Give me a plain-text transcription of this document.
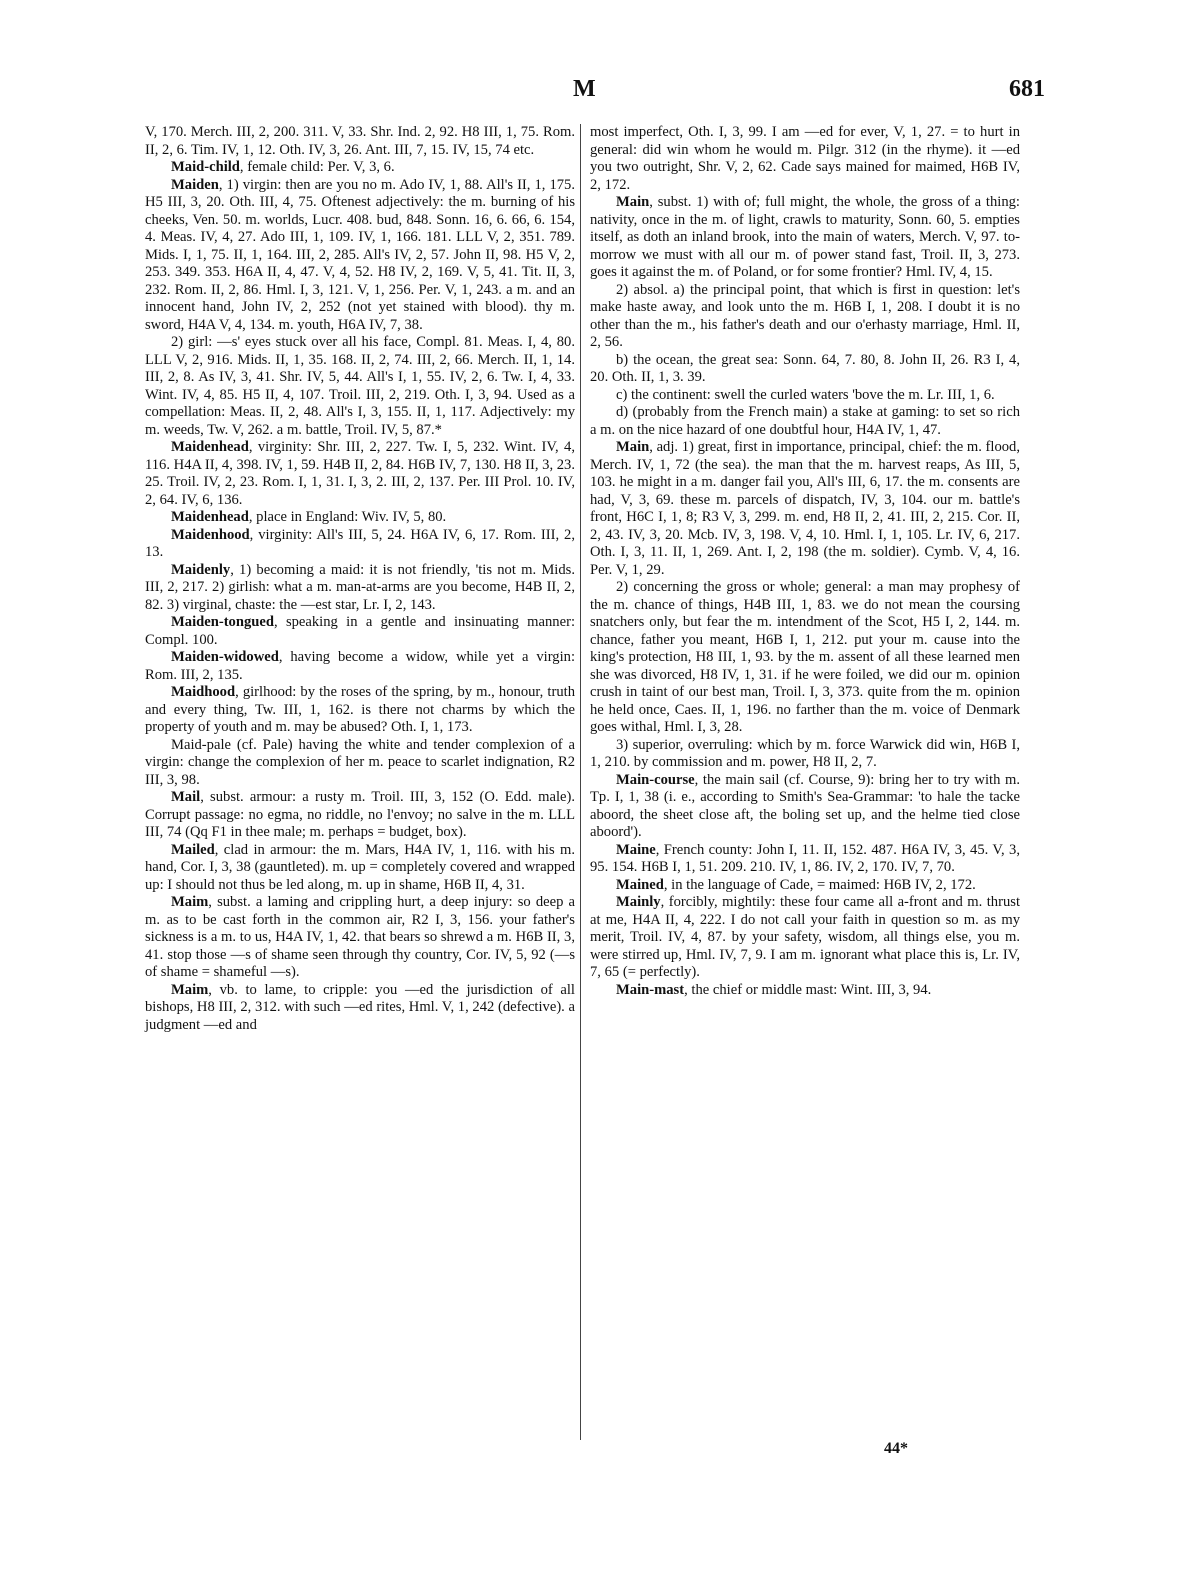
M	681

V, 170. Merch. III, 2, 200. 311. V, 33. Shr. Ind. 2, 92. H8 III, 1, 75. Rom. II, 2, 6. Tim. IV, 1, 12. Oth. IV, 3, 26. Ant. III, 7, 15. IV, 15, 74 etc.

Maid-child, female child: Per. V, 3, 6.

Maiden, 1) virgin: then are you no m. Ado IV, 1, 88. All's II, 1, 175. H5 III, 3, 20. Oth. III, 4, 75. Oftenest adjectively: the m. burning of his cheeks, Ven. 50. m. worlds, Lucr. 408. bud, 848. Sonn. 16, 6. 66, 6. 154, 4. Meas. IV, 4, 27. Ado III, 1, 109. IV, 1, 166. 181. LLL V, 2, 351. 789. Mids. I, 1, 75. II, 1, 164. III, 2, 285. All's IV, 2, 57. John II, 98. H5 V, 2, 253. 349. 353. H6A II, 4, 47. V, 4, 52. H8 IV, 2, 169. V, 5, 41. Tit. II, 3, 232. Rom. II, 2, 86. Hml. I, 3, 121. V, 1, 256. Per. V, 1, 243. a m. and an innocent hand, John IV, 2, 252 (not yet stained with blood). thy m. sword, H4A V, 4, 134. m. youth, H6A IV, 7, 38.

2) girl: —s' eyes stuck over all his face, Compl. 81. Meas. I, 4, 80. LLL V, 2, 916. Mids. II, 1, 35. 168. II, 2, 74. III, 2, 66. Merch. II, 1, 14. III, 2, 8. As IV, 3, 41. Shr. IV, 5, 44. All's I, 1, 55. IV, 2, 6. Tw. I, 4, 33. Wint. IV, 4, 85. H5 II, 4, 107. Troil. III, 2, 219. Oth. I, 3, 94. Used as a compellation: Meas. II, 2, 48. All's I, 3, 155. II, 1, 117. Adjectively: my m. weeds, Tw. V, 262. a m. battle, Troil. IV, 5, 87.*

Maidenhead, virginity: Shr. III, 2, 227. Tw. I, 5, 232. Wint. IV, 4, 116. H4A II, 4, 398. IV, 1, 59. H4B II, 2, 84. H6B IV, 7, 130. H8 II, 3, 23. 25. Troil. IV, 2, 23. Rom. I, 1, 31. I, 3, 2. III, 2, 137. Per. III Prol. 10. IV, 2, 64. IV, 6, 136.

Maidenhead, place in England: Wiv. IV, 5, 80.

Maidenhood, virginity: All's III, 5, 24. H6A IV, 6, 17. Rom. III, 2, 13.

Maidenly, 1) becoming a maid: it is not friendly, 'tis not m. Mids. III, 2, 217. 2) girlish: what a m. man-at-arms are you become, H4B II, 2, 82. 3) virginal, chaste: the —est star, Lr. I, 2, 143.

Maiden-tongued, speaking in a gentle and insinuating manner: Compl. 100.

Maiden-widowed, having become a widow, while yet a virgin: Rom. III, 2, 135.

Maidhood, girlhood: by the roses of the spring, by m., honour, truth and every thing, Tw. III, 1, 162. is there not charms by which the property of youth and m. may be abused? Oth. I, 1, 173.

Maid-pale (cf. Pale) having the white and tender complexion of a virgin: change the complexion of her m. peace to scarlet indignation, R2 III, 3, 98.

Mail, subst. armour: a rusty m. Troil. III, 3, 152 (O. Edd. male). Corrupt passage: no egma, no riddle, no l'envoy; no salve in the m. LLL III, 74 (Qq F1 in thee male; m. perhaps = budget, box).

Mailed, clad in armour: the m. Mars, H4A IV, 1, 116. with his m. hand, Cor. I, 3, 38 (gauntleted). m. up = completely covered and wrapped up: I should not thus be led along, m. up in shame, H6B II, 4, 31.

Maim, subst. a laming and crippling hurt, a deep injury: so deep a m. as to be cast forth in the common air, R2 I, 3, 156. your father's sickness is a m. to us, H4A IV, 1, 42. that bears so shrewd a m. H6B II, 3, 41. stop those —s of shame seen through thy country, Cor. IV, 5, 92 (—s of shame = shameful —s).

Maim, vb. to lame, to cripple: you —ed the jurisdiction of all bishops, H8 III, 2, 312. with such —ed rites, Hml. V, 1, 242 (defective). a judgment —ed and

most imperfect, Oth. I, 3, 99. I am —ed for ever, V, 1, 27. = to hurt in general: did win whom he would m. Pilgr. 312 (in the rhyme). it —ed you two outright, Shr. V, 2, 62. Cade says mained for maimed, H6B IV, 2, 172.

Main, subst. 1) with of; full might, the whole, the gross of a thing: nativity, once in the m. of light, crawls to maturity, Sonn. 60, 5. empties itself, as doth an inland brook, into the main of waters, Merch. V, 97. to-morrow we must with all our m. of power stand fast, Troil. II, 3, 273. goes it against the m. of Poland, or for some frontier? Hml. IV, 4, 15.

2) absol. a) the principal point, that which is first in question: let's make haste away, and look unto the m. H6B I, 1, 208. I doubt it is no other than the m., his father's death and our o'erhasty marriage, Hml. II, 2, 56.

b) the ocean, the great sea: Sonn. 64, 7. 80, 8. John II, 26. R3 I, 4, 20. Oth. II, 1, 3. 39.

c) the continent: swell the curled waters 'bove the m. Lr. III, 1, 6.

d) (probably from the French main) a stake at gaming: to set so rich a m. on the nice hazard of one doubtful hour, H4A IV, 1, 47.

Main, adj. 1) great, first in importance, principal, chief: the m. flood, Merch. IV, 1, 72 (the sea). the man that the m. harvest reaps, As III, 5, 103. he might in a m. danger fail you, All's III, 6, 17. the m. consents are had, V, 3, 69. these m. parcels of dispatch, IV, 3, 104. our m. battle's front, H6C I, 1, 8; R3 V, 3, 299. m. end, H8 II, 2, 41. III, 2, 215. Cor. II, 2, 43. IV, 3, 20. Mcb. IV, 3, 198. V, 4, 10. Hml. I, 1, 105. Lr. IV, 6, 217. Oth. I, 3, 11. II, 1, 269. Ant. I, 2, 198 (the m. soldier). Cymb. V, 4, 16. Per. V, 1, 29.

2) concerning the gross or whole; general: a man may prophesy of the m. chance of things, H4B III, 1, 83. we do not mean the coursing snatchers only, but fear the m. intendment of the Scot, H5 I, 2, 144. m. chance, father you meant, H6B I, 1, 212. put your m. cause into the king's protection, H8 III, 1, 93. by the m. assent of all these learned men she was divorced, H8 IV, 1, 31. if he were foiled, we did our m. opinion crush in taint of our best man, Troil. I, 3, 373. quite from the m. opinion he held once, Caes. II, 1, 196. no farther than the m. voice of Denmark goes withal, Hml. I, 3, 28.

3) superior, overruling: which by m. force Warwick did win, H6B I, 1, 210. by commission and m. power, H8 II, 2, 7.

Main-course, the main sail (cf. Course, 9): bring her to try with m. Tp. I, 1, 38 (i. e., according to Smith's Sea-Grammar: 'to hale the tacke aboord, the sheet close aft, the boling set up, and the helme tied close aboord').

Maine, French county: John I, 11. II, 152. 487. H6A IV, 3, 45. V, 3, 95. 154. H6B I, 1, 51. 209. 210. IV, 1, 86. IV, 2, 170. IV, 7, 70.

Mained, in the language of Cade, = maimed: H6B IV, 2, 172.

Mainly, forcibly, mightily: these four came all a-front and m. thrust at me, H4A II, 4, 222. I do not call your faith in question so m. as my merit, Troil. IV, 4, 87. by your safety, wisdom, all things else, you m. were stirred up, Hml. IV, 7, 9. I am m. ignorant what place this is, Lr. IV, 7, 65 (= perfectly).

Main-mast, the chief or middle mast: Wint. III, 3, 94.

44*
